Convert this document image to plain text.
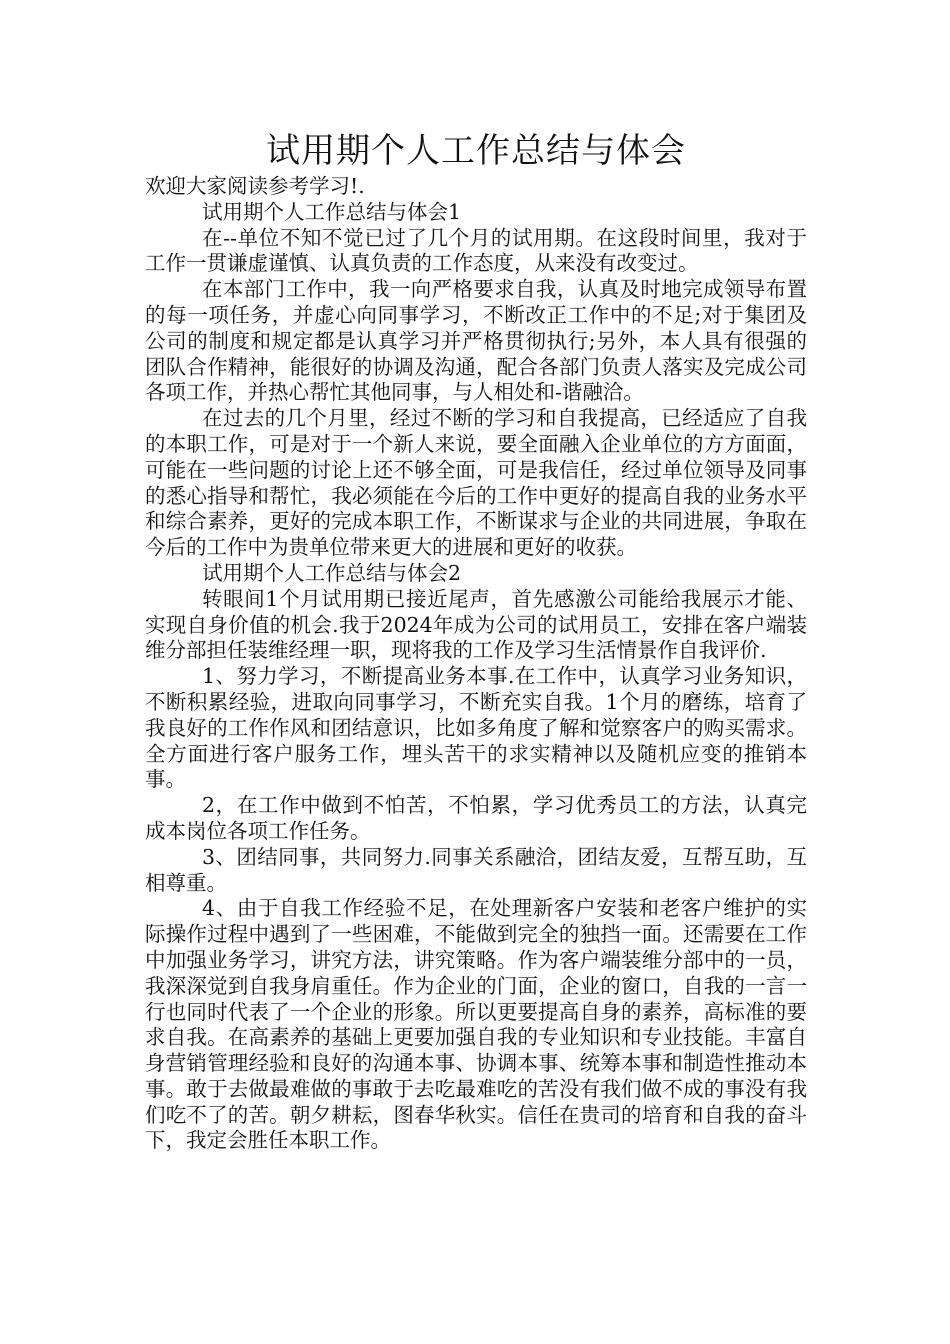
试用期个人工作总结与体会

欢迎大家阅读参考学习!.

试用期个人工作总结与体会1

在--单位不知不觉已过了几个月的试用期。在这段时间里，我对于工作一贯谦虚谨慎、认真负责的工作态度，从来没有改变过。

在本部门工作中，我一向严格要求自我，认真及时地完成领导布置的每一项任务，并虚心向同事学习，不断改正工作中的不足;对于集团及公司的制度和规定都是认真学习并严格贯彻执行;另外，本人具有很强的团队合作精神，能很好的协调及沟通，配合各部门负责人落实及完成公司各项工作，并热心帮忙其他同事，与人相处和-谐融洽。

在过去的几个月里，经过不断的学习和自我提高，已经适应了自我的本职工作，可是对于一个新人来说，要全面融入企业单位的方方面面，可能在一些问题的讨论上还不够全面，可是我信任，经过单位领导及同事的悉心指导和帮忙，我必须能在今后的工作中更好的提高自我的业务水平和综合素养，更好的完成本职工作，不断谋求与企业的共同进展，争取在今后的工作中为贵单位带来更大的进展和更好的收获。

试用期个人工作总结与体会2

转眼间1个月试用期已接近尾声，首先感激公司能给我展示才能、实现自身价值的机会.我于2024年成为公司的试用员工，安排在客户端装维分部担任装维经理一职，现将我的工作及学习生活情景作自我评价.

1、努力学习，不断提高业务本事.在工作中，认真学习业务知识，不断积累经验，进取向同事学习，不断充实自我。1个月的磨练，培育了我良好的工作作风和团结意识，比如多角度了解和觉察客户的购买需求。全方面进行客户服务工作，埋头苦干的求实精神以及随机应变的推销本事。

2，在工作中做到不怕苦，不怕累，学习优秀员工的方法，认真完成本岗位各项工作任务。

3、团结同事，共同努力.同事关系融洽，团结友爱，互帮互助，互相尊重。

4、由于自我工作经验不足，在处理新客户安装和老客户维护的实际操作过程中遇到了一些困难，不能做到完全的独挡一面。还需要在工作中加强业务学习，讲究方法，讲究策略。作为客户端装维分部中的一员，我深深觉到自我身肩重任。作为企业的门面，企业的窗口，自我的一言一行也同时代表了一个企业的形象。所以更要提高自身的素养，高标准的要求自我。在高素养的基础上更要加强自我的专业知识和专业技能。丰富自身营销管理经验和良好的沟通本事、协调本事、统筹本事和制造性推动本事。敢于去做最难做的事敢于去吃最难吃的苦没有我们做不成的事没有我们吃不了的苦。朝夕耕耘，图春华秋实。信任在贵司的培育和自我的奋斗下，我定会胜任本职工作。
